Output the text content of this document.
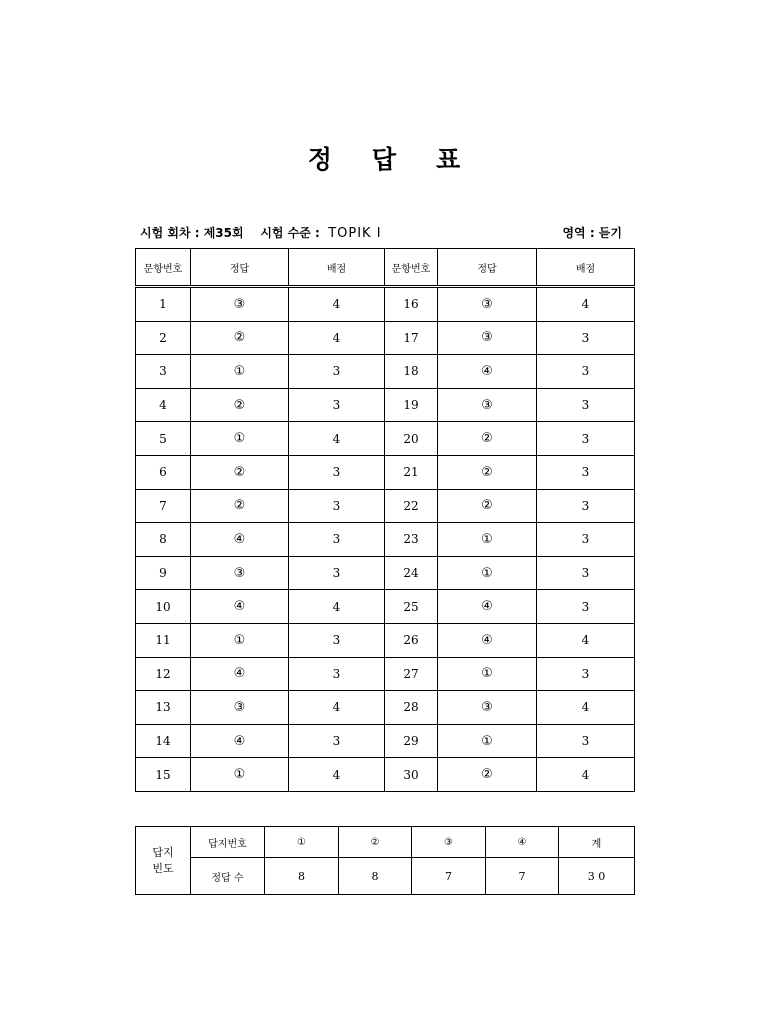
정 답 표
시험 회차 : 제35회 시험 수준 : TOPIK I	영역 : 듣기
문항번호	정답	배점	문항번호	정답	배점
1	③	4	16	③	4
2	②	4	17	③	3
3	①	3	18	④	3
4	②	3	19	③	3
5	①	4	20	②	3
6	②	3	21	②	3
7	②	3	22	②	3
8	④	3	23	①	3
9	③	3	24	①	3
10	④	4	25	④	3
11	①	3	26	④	4
12	④	3	27	①	3
13	③	4	28	③	4
14	④	3	29	①	3
15	①	4	30	②	4
답지
빈도	답지번호	①	②	③	④	계
	정답 수	8	8	7	7	3 0
